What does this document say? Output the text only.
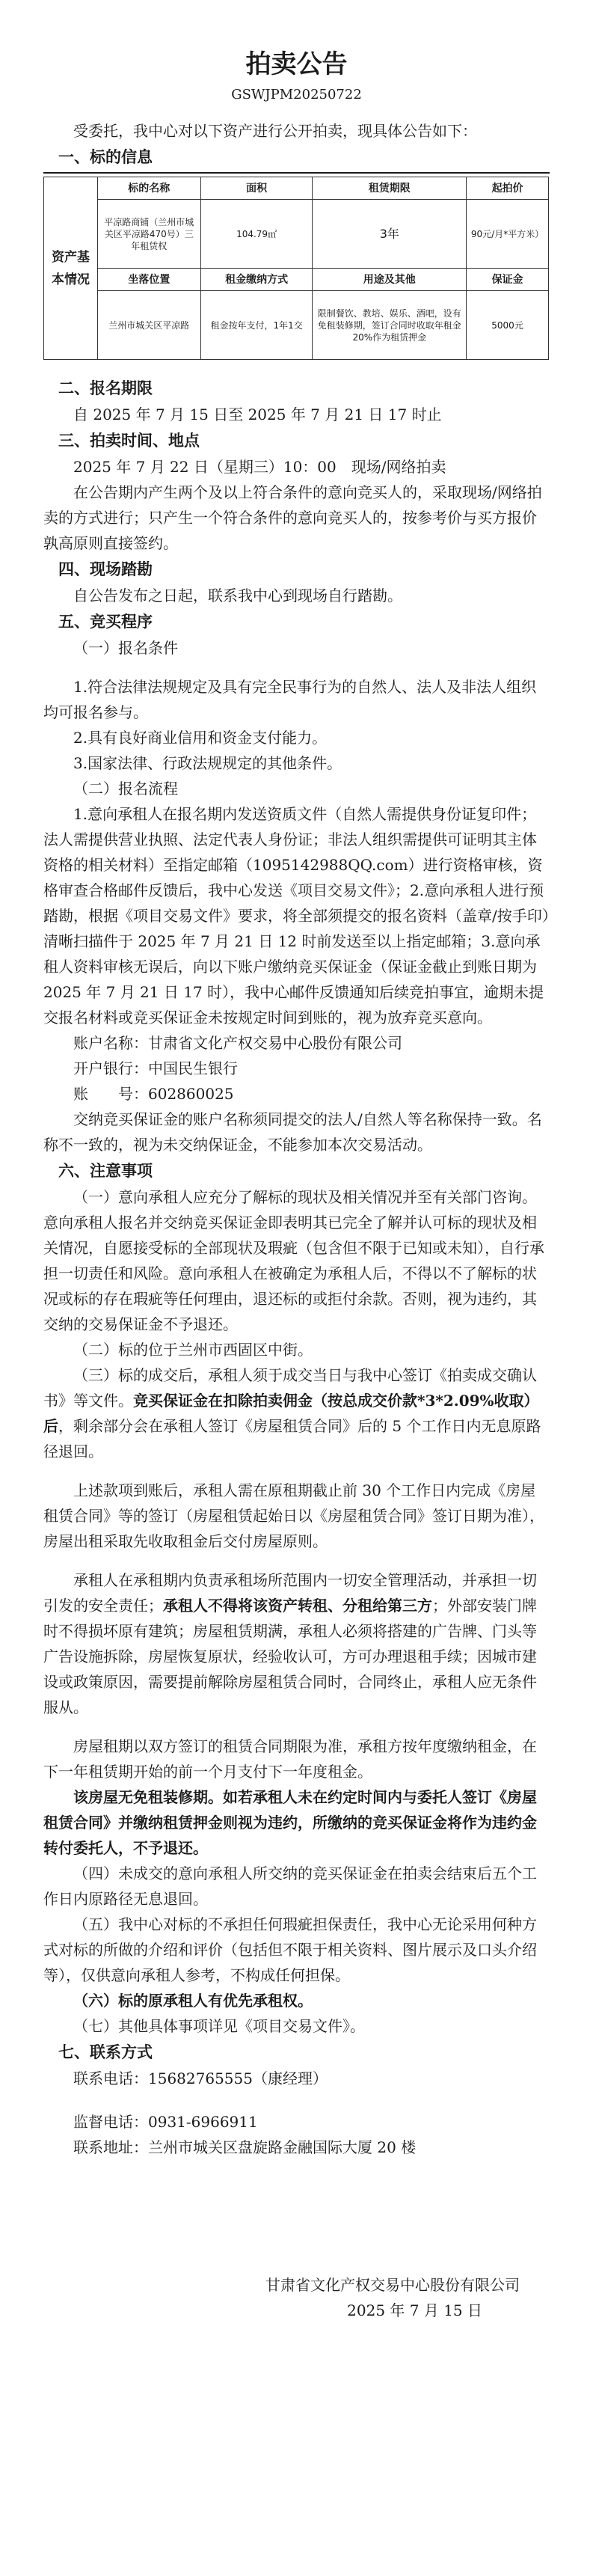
拍卖公告
GSWJPM20250722

受委托，我中心对以下资产进行公开拍卖，现具体公告如下：

一、标的信息
资产基本情况	标的名称	面积	租赁期限	起拍价
	平凉路商铺（兰州市城关区平凉路470号）三年租赁权	104.79㎡	3年	90元/月*平方米）
	坐落位置	租金缴纳方式	用途及其他	保证金
	兰州市城关区平凉路	租金按年支付，1年1交	限制餐饮、教培、娱乐、酒吧，设有免租装修期，签订合同时收取年租金20%作为租赁押金	5000元
二、报名期限

自 2025 年 7 月 15 日至 2025 年 7 月 21 日 17 时止

三、拍卖时间、地点

2025 年 7 月 22 日（星期三）10：00　现场/网络拍卖

在公告期内产生两个及以上符合条件的意向竞买人的，采取现场/网络拍卖的方式进行；只产生一个符合条件的意向竞买人的，按参考价与买方报价孰高原则直接签约。

四、现场踏勘

自公告发布之日起，联系我中心到现场自行踏勘。

五、竞买程序

（一）报名条件

1.符合法律法规规定及具有完全民事行为的自然人、法人及非法人组织均可报名参与。

2.具有良好商业信用和资金支付能力。

3.国家法律、行政法规规定的其他条件。

（二）报名流程

1.意向承租人在报名期内发送资质文件（自然人需提供身份证复印件；法人需提供营业执照、法定代表人身份证；非法人组织需提供可证明其主体资格的相关材料）至指定邮箱（1095142988QQ.com）进行资格审核，资格审查合格邮件反馈后，我中心发送《项目交易文件》；2.意向承租人进行预踏勘，根据《项目交易文件》要求，将全部须提交的报名资料（盖章/按手印）清晰扫描件于 2025 年 7 月 21 日 12 时前发送至以上指定邮箱；3.意向承租人资料审核无误后，向以下账户缴纳竞买保证金（保证金截止到账日期为 2025 年 7 月 21 日 17 时），我中心邮件反馈通知后续竞拍事宜，逾期未提交报名材料或竞买保证金未按规定时间到账的，视为放弃竞买意向。

账户名称：甘肃省文化产权交易中心股份有限公司

开户银行：中国民生银行

账　　号：602860025

交纳竞买保证金的账户名称须同提交的法人/自然人等名称保持一致。名称不一致的，视为未交纳保证金，不能参加本次交易活动。

六、注意事项

（一）意向承租人应充分了解标的现状及相关情况并至有关部门咨询。意向承租人报名并交纳竞买保证金即表明其已完全了解并认可标的现状及相关情况，自愿接受标的全部现状及瑕疵（包含但不限于已知或未知），自行承担一切责任和风险。意向承租人在被确定为承租人后，不得以不了解标的状况或标的存在瑕疵等任何理由，退还标的或拒付余款。否则，视为违约，其交纳的交易保证金不予退还。

（二）标的位于兰州市西固区中街。

（三）标的成交后，承租人须于成交当日与我中心签订《拍卖成交确认书》等文件。竞买保证金在扣除拍卖佣金（按总成交价款*3*2.09%收取）后，剩余部分会在承租人签订《房屋租赁合同》后的 5 个工作日内无息原路径退回。

上述款项到账后，承租人需在原租期截止前 30 个工作日内完成《房屋租赁合同》等的签订（房屋租赁起始日以《房屋租赁合同》签订日期为准），房屋出租采取先收取租金后交付房屋原则。

承租人在承租期内负责承租场所范围内一切安全管理活动，并承担一切引发的安全责任；承租人不得将该资产转租、分租给第三方；外部安装门牌时不得损坏原有建筑；房屋租赁期满，承租人必须将搭建的广告牌、门头等广告设施拆除，房屋恢复原状，经验收认可，方可办理退租手续；因城市建设或政策原因，需要提前解除房屋租赁合同时，合同终止，承租人应无条件服从。

房屋租期以双方签订的租赁合同期限为准，承租方按年度缴纳租金，在下一年租赁期开始的前一个月支付下一年度租金。

该房屋无免租装修期。如若承租人未在约定时间内与委托人签订《房屋租赁合同》并缴纳租赁押金则视为违约，所缴纳的竞买保证金将作为违约金转付委托人，不予退还。

（四）未成交的意向承租人所交纳的竞买保证金在拍卖会结束后五个工作日内原路径无息退回。

（五）我中心对标的不承担任何瑕疵担保责任，我中心无论采用何种方式对标的所做的介绍和评价（包括但不限于相关资料、图片展示及口头介绍等），仅供意向承租人参考，不构成任何担保。

（六）标的原承租人有优先承租权。

（七）其他具体事项详见《项目交易文件》。

七、联系方式

联系电话：15682765555（康经理）

监督电话：0931-6966911

联系地址：兰州市城关区盘旋路金融国际大厦 20 楼

甘肃省文化产权交易中心股份有限公司

2025 年 7 月 15 日
